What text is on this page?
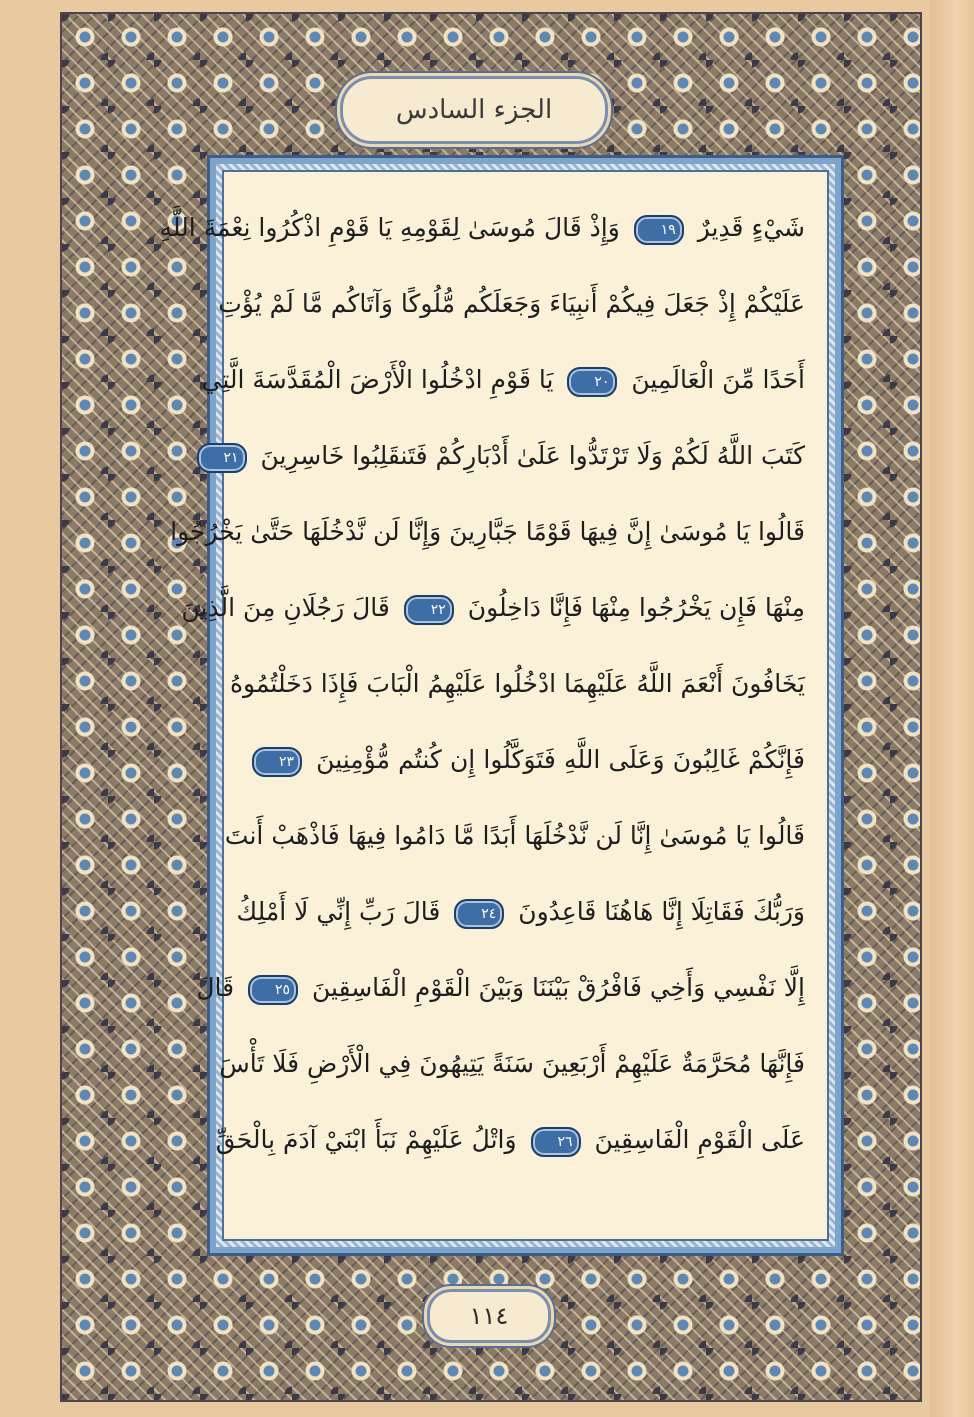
الجزء السادس
شَيْءٍ قَدِيرٌ ١٩ وَإِذْ قَالَ مُوسَىٰ لِقَوْمِهِ يَا قَوْمِ اذْكُرُوا نِعْمَةَ اللَّهِ
عَلَيْكُمْ إِذْ جَعَلَ فِيكُمْ أَنبِيَاءَ وَجَعَلَكُم مُّلُوكًا وَآتَاكُم مَّا لَمْ يُؤْتِ
أَحَدًا مِّنَ الْعَالَمِينَ ٢٠ يَا قَوْمِ ادْخُلُوا الْأَرْضَ الْمُقَدَّسَةَ الَّتِي
كَتَبَ اللَّهُ لَكُمْ وَلَا تَرْتَدُّوا عَلَىٰ أَدْبَارِكُمْ فَتَنقَلِبُوا خَاسِرِينَ ٢١
قَالُوا يَا مُوسَىٰ إِنَّ فِيهَا قَوْمًا جَبَّارِينَ وَإِنَّا لَن نَّدْخُلَهَا حَتَّىٰ يَخْرُجُوا
مِنْهَا فَإِن يَخْرُجُوا مِنْهَا فَإِنَّا دَاخِلُونَ ٢٢ قَالَ رَجُلَانِ مِنَ الَّذِينَ
يَخَافُونَ أَنْعَمَ اللَّهُ عَلَيْهِمَا ادْخُلُوا عَلَيْهِمُ الْبَابَ فَإِذَا دَخَلْتُمُوهُ
فَإِنَّكُمْ غَالِبُونَ وَعَلَى اللَّهِ فَتَوَكَّلُوا إِن كُنتُم مُّؤْمِنِينَ ٢٣
قَالُوا يَا مُوسَىٰ إِنَّا لَن نَّدْخُلَهَا أَبَدًا مَّا دَامُوا فِيهَا فَاذْهَبْ أَنتَ
وَرَبُّكَ فَقَاتِلَا إِنَّا هَاهُنَا قَاعِدُونَ ٢٤ قَالَ رَبِّ إِنِّي لَا أَمْلِكُ
إِلَّا نَفْسِي وَأَخِي فَافْرُقْ بَيْنَنَا وَبَيْنَ الْقَوْمِ الْفَاسِقِينَ ٢٥ قَالَ
فَإِنَّهَا مُحَرَّمَةٌ عَلَيْهِمْ أَرْبَعِينَ سَنَةً يَتِيهُونَ فِي الْأَرْضِ فَلَا تَأْسَ
عَلَى الْقَوْمِ الْفَاسِقِينَ ٢٦ وَاتْلُ عَلَيْهِمْ نَبَأَ ابْنَيْ آدَمَ بِالْحَقِّ
١١٤
